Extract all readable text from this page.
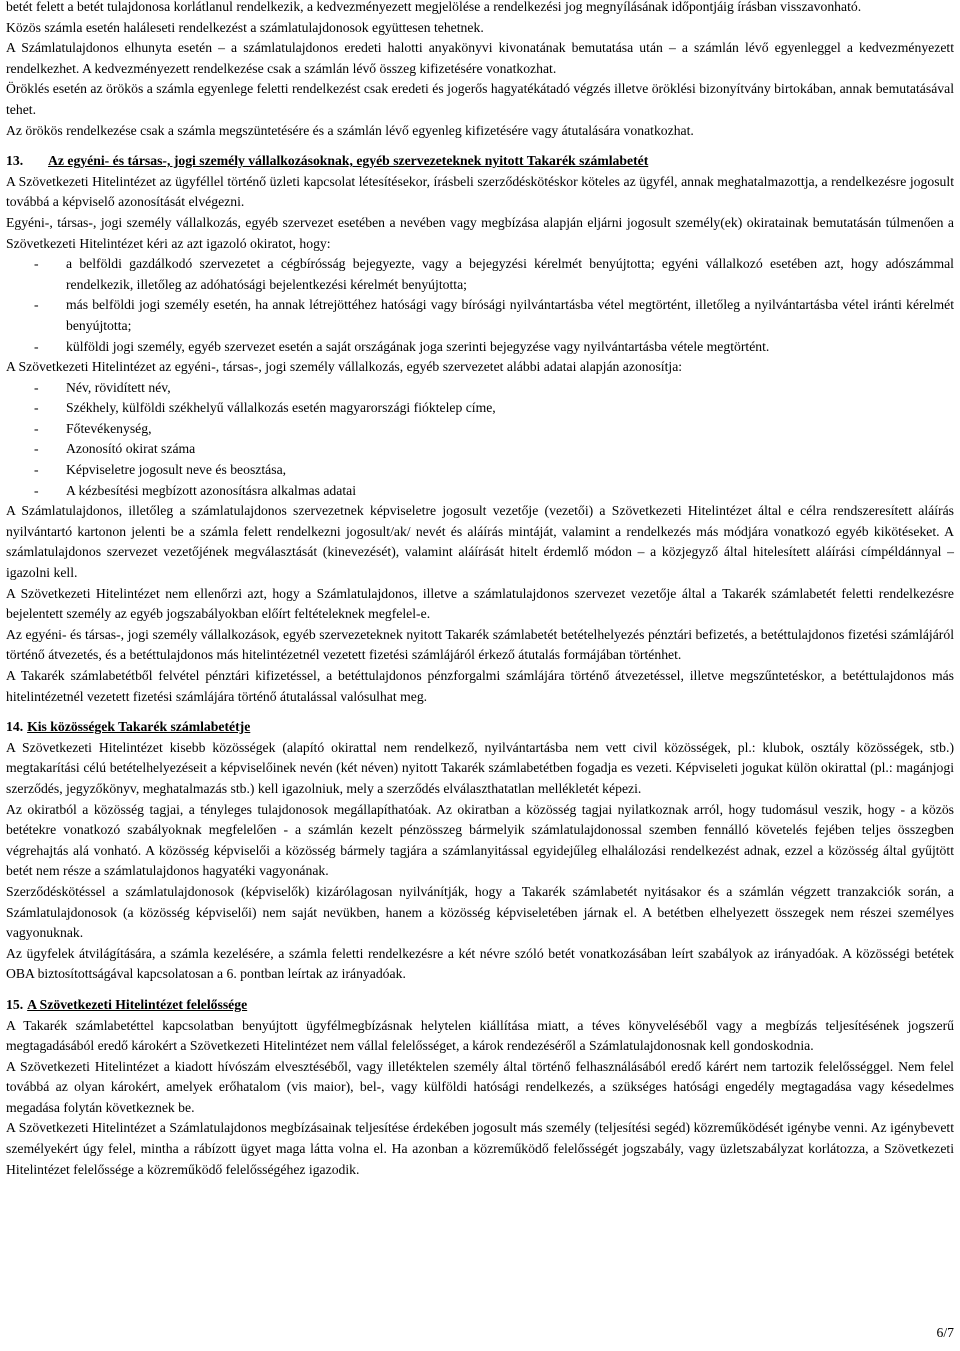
betét felett a betét tulajdonosa korlátlanul rendelkezik, a kedvezményezett megjelölése a rendelkezési jog megnyílásának időpontjáig írásban visszavonható.

Közös számla esetén haláleseti rendelkezést a számlatulajdonosok együttesen tehetnek.

A Számlatulajdonos elhunyta esetén – a számlatulajdonos eredeti halotti anyakönyvi kivonatának bemutatása után – a számlán lévő egyenleggel a kedvezményezett rendelkezhet. A kedvezményezett rendelkezése csak a számlán lévő összeg kifizetésére vonatkozhat.

Öröklés esetén az örökös a számla egyenlege feletti rendelkezést csak eredeti és jogerős hagyatékátadó végzés illetve öröklési bizonyítvány birtokában, annak bemutatásával tehet.

Az örökös rendelkezése csak a számla megszüntetésére és a számlán lévő egyenleg kifizetésére vagy átutalására vonatkozhat.

13. Az egyéni- és társas-, jogi személy vállalkozásoknak, egyéb szervezeteknek nyitott Takarék számlabetét

A Szövetkezeti Hitelintézet az ügyféllel történő üzleti kapcsolat létesítésekor, írásbeli szerződéskötéskor köteles az ügyfél, annak meghatalmazottja, a rendelkezésre jogosult továbbá a képviselő azonosítását elvégezni.

Egyéni-, társas-, jogi személy vállalkozás, egyéb szervezet esetében a nevében vagy megbízása alapján eljárni jogosult személy(ek) okiratainak bemutatásán túlmenően a Szövetkezeti Hitelintézet kéri az azt igazoló okiratot, hogy:

- a belföldi gazdálkodó szervezetet a cégbírósság bejegyezte, vagy a bejegyzési kérelmét benyújtotta; egyéni vállalkozó esetében azt, hogy adószámmal rendelkezik, illetőleg az adóhatósági bejelentkezési kérelmét benyújtotta;
- más belföldi jogi személy esetén, ha annak létrejöttéhez hatósági vagy bírósági nyilvántartásba vétel megtörtént, illetőleg a nyilvántartásba vétel iránti kérelmét benyújtotta;
- külföldi jogi személy, egyéb szervezet esetén a saját országának joga szerinti bejegyzése vagy nyilvántartásba vétele megtörtént.

A Szövetkezeti Hitelintézet az egyéni-, társas-, jogi személy vállalkozás, egyéb szervezetet alábbi adatai alapján azonosítja:

- Név, rövidített név,
- Székhely, külföldi székhelyű vállalkozás esetén magyarországi fióktelep címe,
- Főtevékenység,
- Azonosító okirat száma
- Képviseletre jogosult neve és beosztása,
- A kézbesítési megbízott azonosításra alkalmas adatai

A Számlatulajdonos, illetőleg a számlatulajdonos szervezetnek képviseletre jogosult vezetője (vezetői) a Szövetkezeti Hitelintézet által e célra rendszeresített aláírás nyilvántartó kartonon jelenti be a számla felett rendelkezni jogosult/ak/ nevét és aláírás mintáját, valamint a rendelkezés más módjára vonatkozó egyéb kikötéseket. A számlatulajdonos szervezet vezetőjének megválasztását (kinevezését), valamint aláírását hitelt érdemlő módon – a közjegyző által hitelesített aláírási címpéldánnyal – igazolni kell.

A Szövetkezeti Hitelintézet nem ellenőrzi azt, hogy a Számlatulajdonos, illetve a számlatulajdonos szervezet vezetője által a Takarék számlabetét feletti rendelkezésre bejelentett személy az egyéb jogszabályokban előírt feltételeknek megfelel-e.

Az egyéni- és társas-, jogi személy vállalkozások, egyéb szervezeteknek nyitott Takarék számlabetét betételhelyezés pénztári befizetés, a betéttulajdonos fizetési számlájáról történő átvezetés, és a betéttulajdonos más hitelintézetnél vezetett fizetési számlájáról érkező átutalás formájában történhet.

A Takarék számlabetétből felvétel pénztári kifizetéssel, a betéttulajdonos pénzforgalmi számlájára történő átvezetéssel, illetve megszűntetéskor, a betéttulajdonos más hitelintézetnél vezetett fizetési számlájára történő átutalással valósulhat meg.

14. Kis közösségek Takarék számlabetétje

A Szövetkezeti Hitelintézet kisebb közösségek (alapító okirattal nem rendelkező, nyilvántartásba nem vett civil közösségek, pl.: klubok, osztály közösségek, stb.) megtakarítási célú betételhelyezéseit a képviselőinek nevén (két néven) nyitott Takarék számlabetétben fogadja es vezeti. Képviseleti jogukat külön okirattal (pl.: magánjogi szerződés, jegyzőkönyv, meghatalmazás stb.) kell igazolniuk, mely a szerződés elválaszthatatlan mellékletét képezi.

Az okiratból a közösség tagjai, a tényleges tulajdonosok megállapíthatóak. Az okiratban a közösség tagjai nyilatkoznak arról, hogy tudomásul veszik, hogy - a közös betétekre vonatkozó szabályoknak megfelelően - a számlán kezelt pénzösszeg bármelyik számlatulajdonossal szemben fennálló követelés fejében teljes összegben végrehajtás alá vonható. A közösség képviselői a közösség bármely tagjára a számlanyitással egyidejűleg elhalálozási rendelkezést adnak, ezzel a közösség által gyűjtött betét nem része a számlatulajdonos hagyatéki vagyonának.

Szerződéskötéssel a számlatulajdonosok (képviselők) kizárólagosan nyilvánítják, hogy a Takarék számlabetét nyitásakor és a számlán végzett tranzakciók során, a Számlatulajdonosok (a közösség képviselői) nem saját nevükben, hanem a közösség képviseletében járnak el. A betétben elhelyezett összegek nem részei személyes vagyonuknak.

Az ügyfelek átvilágítására, a számla kezelésére, a számla feletti rendelkezésre a két névre szóló betét vonatkozásában leírt szabályok az irányadóak. A közösségi betétek OBA biztosítottságával kapcsolatosan a 6. pontban leírtak az irányadóak.

15. A Szövetkezeti Hitelintézet felelőssége

A Takarék számlabetéttel kapcsolatban benyújtott ügyfélmegbízásnak helytelen kiállítása miatt, a téves könyveléséből vagy a megbízás teljesítésének jogszerű megtagadásából eredő károkért a Szövetkezeti Hitelintézet nem vállal felelősséget, a károk rendezéséről a Számlatulajdonosnak kell gondoskodnia.

A Szövetkezeti Hitelintézet a kiadott hívószám elvesztéséből, vagy illetéktelen személy által történő felhasználásából eredő kárért nem tartozik felelősséggel. Nem felel továbbá az olyan károkért, amelyek erőhatalom (vis maior), bel-, vagy külföldi hatósági rendelkezés, a szükséges hatósági engedély megtagadása vagy késedelmes megadása folytán következnek be.

A Szövetkezeti Hitelintézet a Számlatulajdonos megbízásainak teljesítése érdekében jogosult más személy (teljesítési segéd) közreműködését igénybe venni. Az igénybevett személyekért úgy felel, mintha a rábízott ügyet maga látta volna el. Ha azonban a közreműködő felelősségét jogszabály, vagy üzletszabályzat korlátozza, a Szövetkezeti Hitelintézet felelőssége a közreműködő felelősségéhez igazodik.

6/7
